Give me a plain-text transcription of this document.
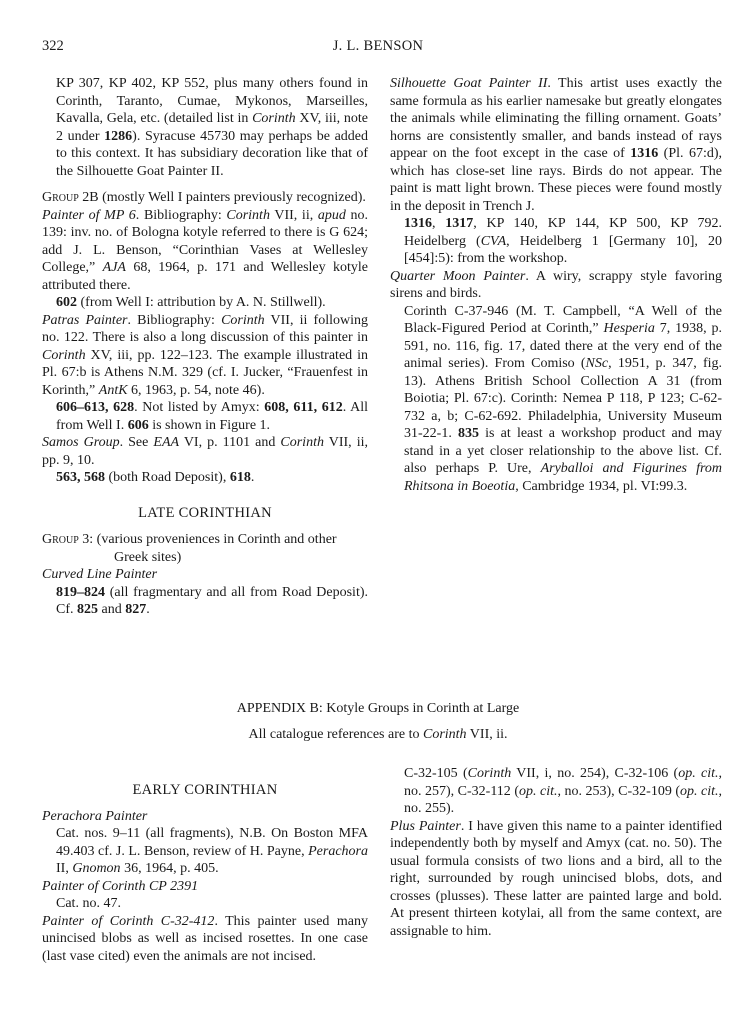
322	J. L. BENSON

KP 307, KP 402, KP 552, plus many others found in Corinth, Taranto, Cumae, Mykonos, Marseilles, Kavalla, Gela, etc. (detailed list in Corinth XV, iii, note 2 under 1286). Syracuse 45730 may perhaps be added to this context. It has subsidiary decoration like that of the Silhouette Goat Painter II.

Group 2B (mostly Well I painters previously recognized).

Painter of MP 6. Bibliography: Corinth VII, ii, apud no. 139: inv. no. of Bologna kotyle referred to there is G 624; add J. L. Benson, “Corinthian Vases at Wellesley College,” AJA 68, 1964, p. 171 and Wellesley kotyle attributed there.

602 (from Well I: attribution by A. N. Stillwell).

Patras Painter. Bibliography: Corinth VII, ii following no. 122. There is also a long discussion of this painter in Corinth XV, iii, pp. 122–123. The example illustrated in Pl. 67:b is Athens N.M. 329 (cf. I. Jucker, “Frauenfest in Korinth,” AntK 6, 1963, p. 54, note 46).

606–613, 628. Not listed by Amyx: 608, 611, 612. All from Well I. 606 is shown in Figure 1.

Samos Group. See EAA VI, p. 1101 and Corinth VII, ii, pp. 9, 10.

563, 568 (both Road Deposit), 618.

LATE CORINTHIAN

Group 3: (various proveniences in Corinth and other Greek sites)

Curved Line Painter

819–824 (all fragmentary and all from Road Deposit). Cf. 825 and 827.

Silhouette Goat Painter II. This artist uses exactly the same formula as his earlier namesake but greatly elongates the animals while eliminating the filling ornament. Goats’ horns are consistently smaller, and bands instead of rays appear on the foot except in the case of 1316 (Pl. 67:d), which has close-set line rays. Birds do not appear. The paint is matt light brown. These pieces were found mostly in the deposit in Trench J.

1316, 1317, KP 140, KP 144, KP 500, KP 792. Heidelberg (CVA, Heidelberg 1 [Germany 10], 20 [454]:5): from the workshop.

Quarter Moon Painter. A wiry, scrappy style favoring sirens and birds.

Corinth C-37-946 (M. T. Campbell, “A Well of the Black-Figured Period at Corinth,” Hesperia 7, 1938, p. 591, no. 116, fig. 17, dated there at the very end of the animal series). From Comiso (NSc, 1951, p. 347, fig. 13). Athens British School Collection A 31 (from Boiotia; Pl. 67:c). Corinth: Nemea P 118, P 123; C-62-732 a, b; C-62-692. Philadelphia, University Museum 31-22-1. 835 is at least a workshop product and may stand in a yet closer relationship to the above list. Cf. also perhaps P. Ure, Aryballoi and Figurines from Rhitsona in Boeotia, Cambridge 1934, pl. VI:99.3.

APPENDIX B: Kotyle Groups in Corinth at Large
All catalogue references are to Corinth VII, ii.

EARLY CORINTHIAN

Perachora Painter

Cat. nos. 9–11 (all fragments), N.B. On Boston MFA 49.403 cf. J. L. Benson, review of H. Payne, Perachora II, Gnomon 36, 1964, p. 405.

Painter of Corinth CP 2391

Cat. no. 47.

Painter of Corinth C-32-412. This painter used many unincised blobs as well as incised rosettes. In one case (last vase cited) even the animals are not incised.

C-32-105 (Corinth VII, i, no. 254), C-32-106 (op. cit., no. 257), C-32-112 (op. cit., no. 253), C-32-109 (op. cit., no. 255).

Plus Painter. I have given this name to a painter identified independently both by myself and Amyx (cat. no. 50). The usual formula consists of two lions and a bird, all to the right, surrounded by rough unincised blobs, dots, and crosses (plusses). These latter are painted large and bold. At present thirteen kotylai, all from the same context, are assignable to him.
